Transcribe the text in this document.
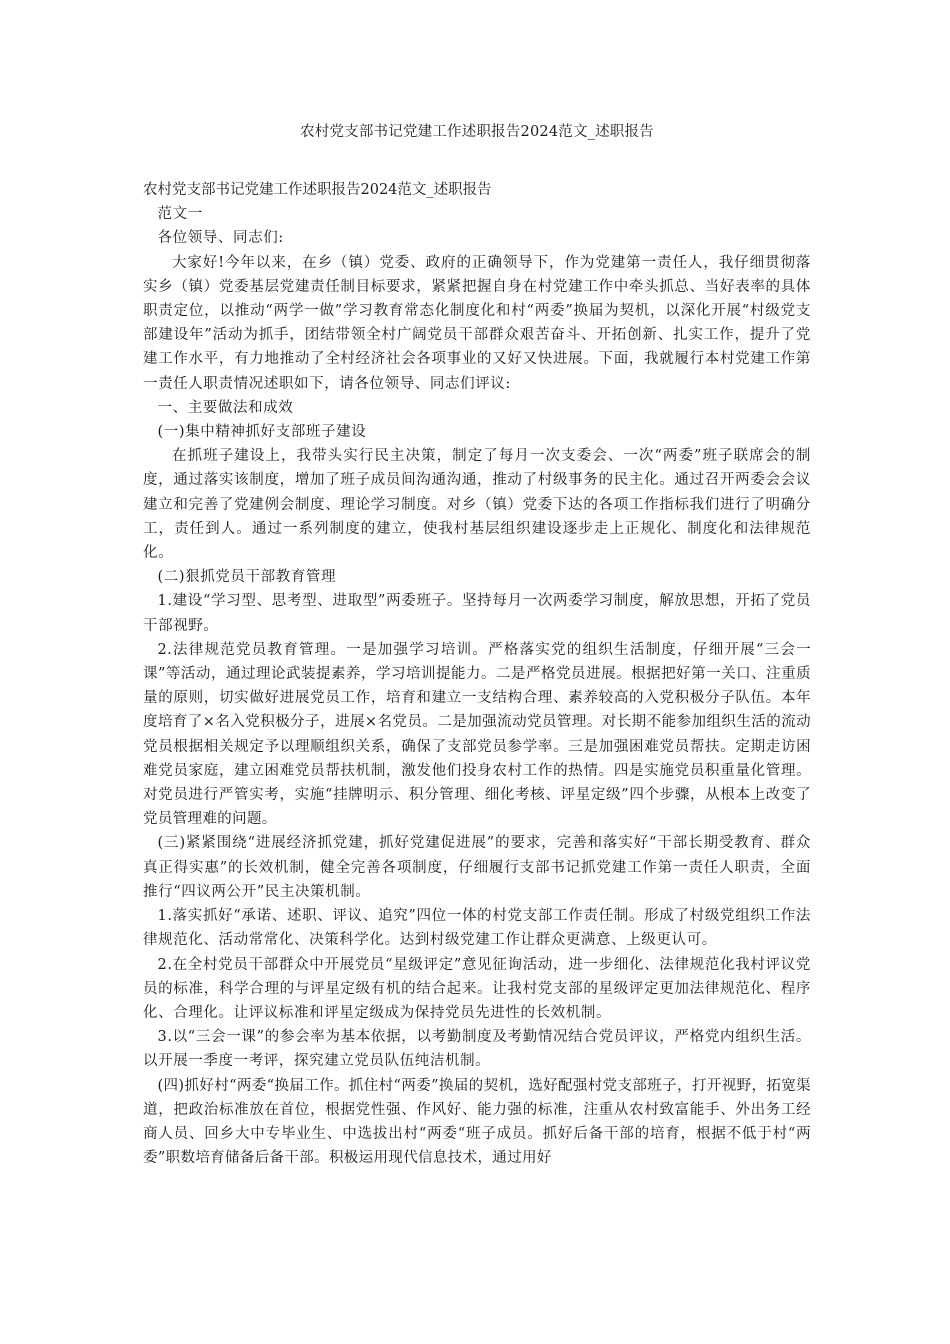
农村党支部书记党建工作述职报告2024范文_述职报告
农村党支部书记党建工作述职报告2024范文_述职报告

范文一

各位领导、同志们:

大家好!今年以来，在乡（镇）党委、政府的正确领导下，作为党建第一责任人，我仔细贯彻落实乡（镇）党委基层党建责任制目标要求，紧紧把握自身在村党建工作中牵头抓总、当好表率的具体职责定位，以推动“两学一做”学习教育常态化制度化和村“两委”换届为契机，以深化开展“村级党支部建设年”活动为抓手，团结带领全村广阔党员干部群众艰苦奋斗、开拓创新、扎实工作，提升了党建工作水平，有力地推动了全村经济社会各项事业的又好又快进展。下面，我就履行本村党建工作第一责任人职责情况述职如下，请各位领导、同志们评议:

一、主要做法和成效

(一)集中精神抓好支部班子建设

在抓班子建设上，我带头实行民主决策，制定了每月一次支委会、一次“两委”班子联席会的制度，通过落实该制度，增加了班子成员间沟通沟通，推动了村级事务的民主化。通过召开两委会会议建立和完善了党建例会制度、理论学习制度。对乡（镇）党委下达的各项工作指标我们进行了明确分工，责任到人。通过一系列制度的建立，使我村基层组织建设逐步走上正规化、制度化和法律规范化。

(二)狠抓党员干部教育管理

1.建设“学习型、思考型、进取型”两委班子。坚持每月一次两委学习制度，解放思想，开拓了党员干部视野。

2.法律规范党员教育管理。一是加强学习培训。严格落实党的组织生活制度，仔细开展“三会一课”等活动，通过理论武装提素养，学习培训提能力。二是严格党员进展。根据把好第一关口、注重质量的原则，切实做好进展党员工作，培育和建立一支结构合理、素养较高的入党积极分子队伍。本年度培育了×名入党积极分子，进展×名党员。二是加强流动党员管理。对长期不能参加组织生活的流动党员根据相关规定予以理顺组织关系，确保了支部党员参学率。三是加强困难党员帮扶。定期走访困难党员家庭，建立困难党员帮扶机制，激发他们投身农村工作的热情。四是实施党员积重量化管理。对党员进行严管实考，实施“挂牌明示、积分管理、细化考核、评星定级”四个步骤，从根本上改变了党员管理难的问题。

(三)紧紧围绕“进展经济抓党建，抓好党建促进展”的要求，完善和落实好“干部长期受教育、群众真正得实惠”的长效机制，健全完善各项制度，仔细履行支部书记抓党建工作第一责任人职责，全面推行“四议两公开”民主决策机制。

1.落实抓好“承诺、述职、评议、追究”四位一体的村党支部工作责任制。形成了村级党组织工作法律规范化、活动常常化、决策科学化。达到村级党建工作让群众更满意、上级更认可。

2.在全村党员干部群众中开展党员“星级评定”意见征询活动，进一步细化、法律规范化我村评议党员的标准，科学合理的与评星定级有机的结合起来。让我村党支部的星级评定更加法律规范化、程序化、合理化。让评议标准和评星定级成为保持党员先进性的长效机制。

3.以“三会一课”的参会率为基本依据，以考勤制度及考勤情况结合党员评议，严格党内组织生活。以开展一季度一考评，探究建立党员队伍纯洁机制。

(四)抓好村“两委“换届工作。抓住村“两委”换届的契机，选好配强村党支部班子，打开视野，拓宽渠道，把政治标准放在首位，根据党性强、作风好、能力强的标准，注重从农村致富能手、外出务工经商人员、回乡大中专毕业生、中选拔出村“两委“班子成员。抓好后备干部的培育，根据不低于村“两委”职数培育储备后备干部。积极运用现代信息技术，通过用好
